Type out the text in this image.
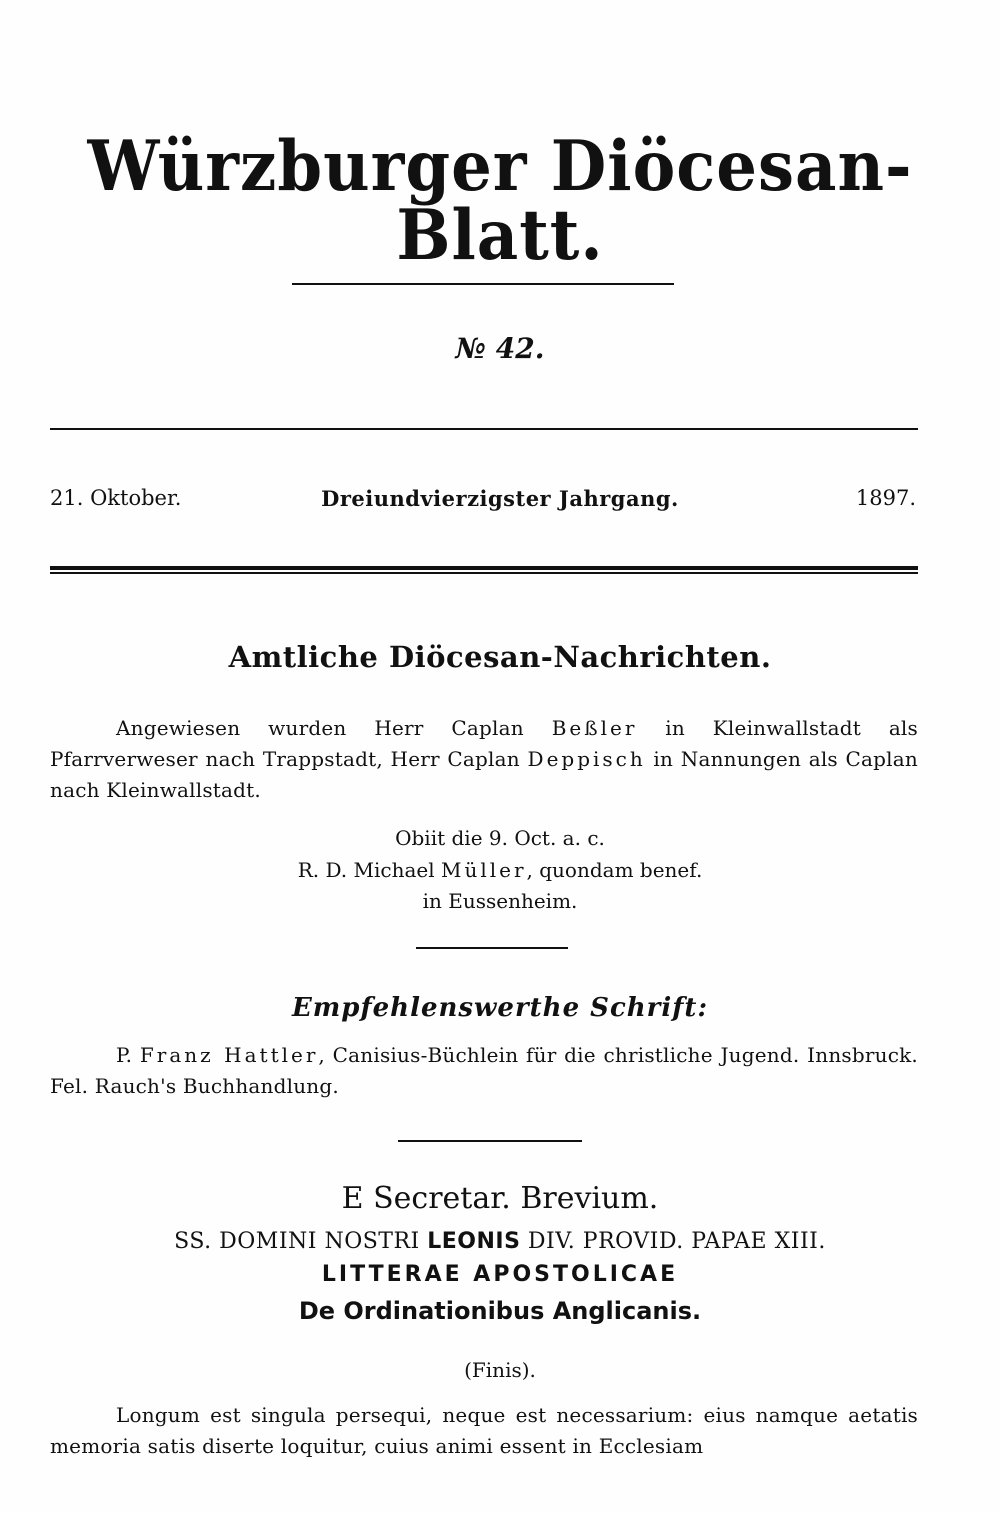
Würzburger Diöcesan-Blatt.
№ 42.
21. Oktober.	Dreiundvierzigster Jahrgang.	1897.
Amtliche Diöcesan-Nachrichten.
Angewiesen wurden Herr Caplan Beßler in Kleinwallstadt als Pfarrverweser nach Trappstadt, Herr Caplan Deppisch in Nannungen als Caplan nach Kleinwallstadt.
Obiit die 9. Oct. a. c.
R. D. Michael Müller, quondam benef.
in Eussenheim.
Empfehlenswerthe Schrift:
P. Franz Hattler, Canisius-Büchlein für die christliche Jugend. Innsbruck. Fel. Rauch's Buchhandlung.
E Secretar. Brevium.
SS. DOMINI NOSTRI LEONIS DIV. PROVID. PAPAE XIII.
LITTERAE APOSTOLICAE
De Ordinationibus Anglicanis.
(Finis).
Longum est singula persequi, neque est necessarium: eius namque aetatis memoria satis diserte loquitur, cuius animi essent in Ecclesiam
